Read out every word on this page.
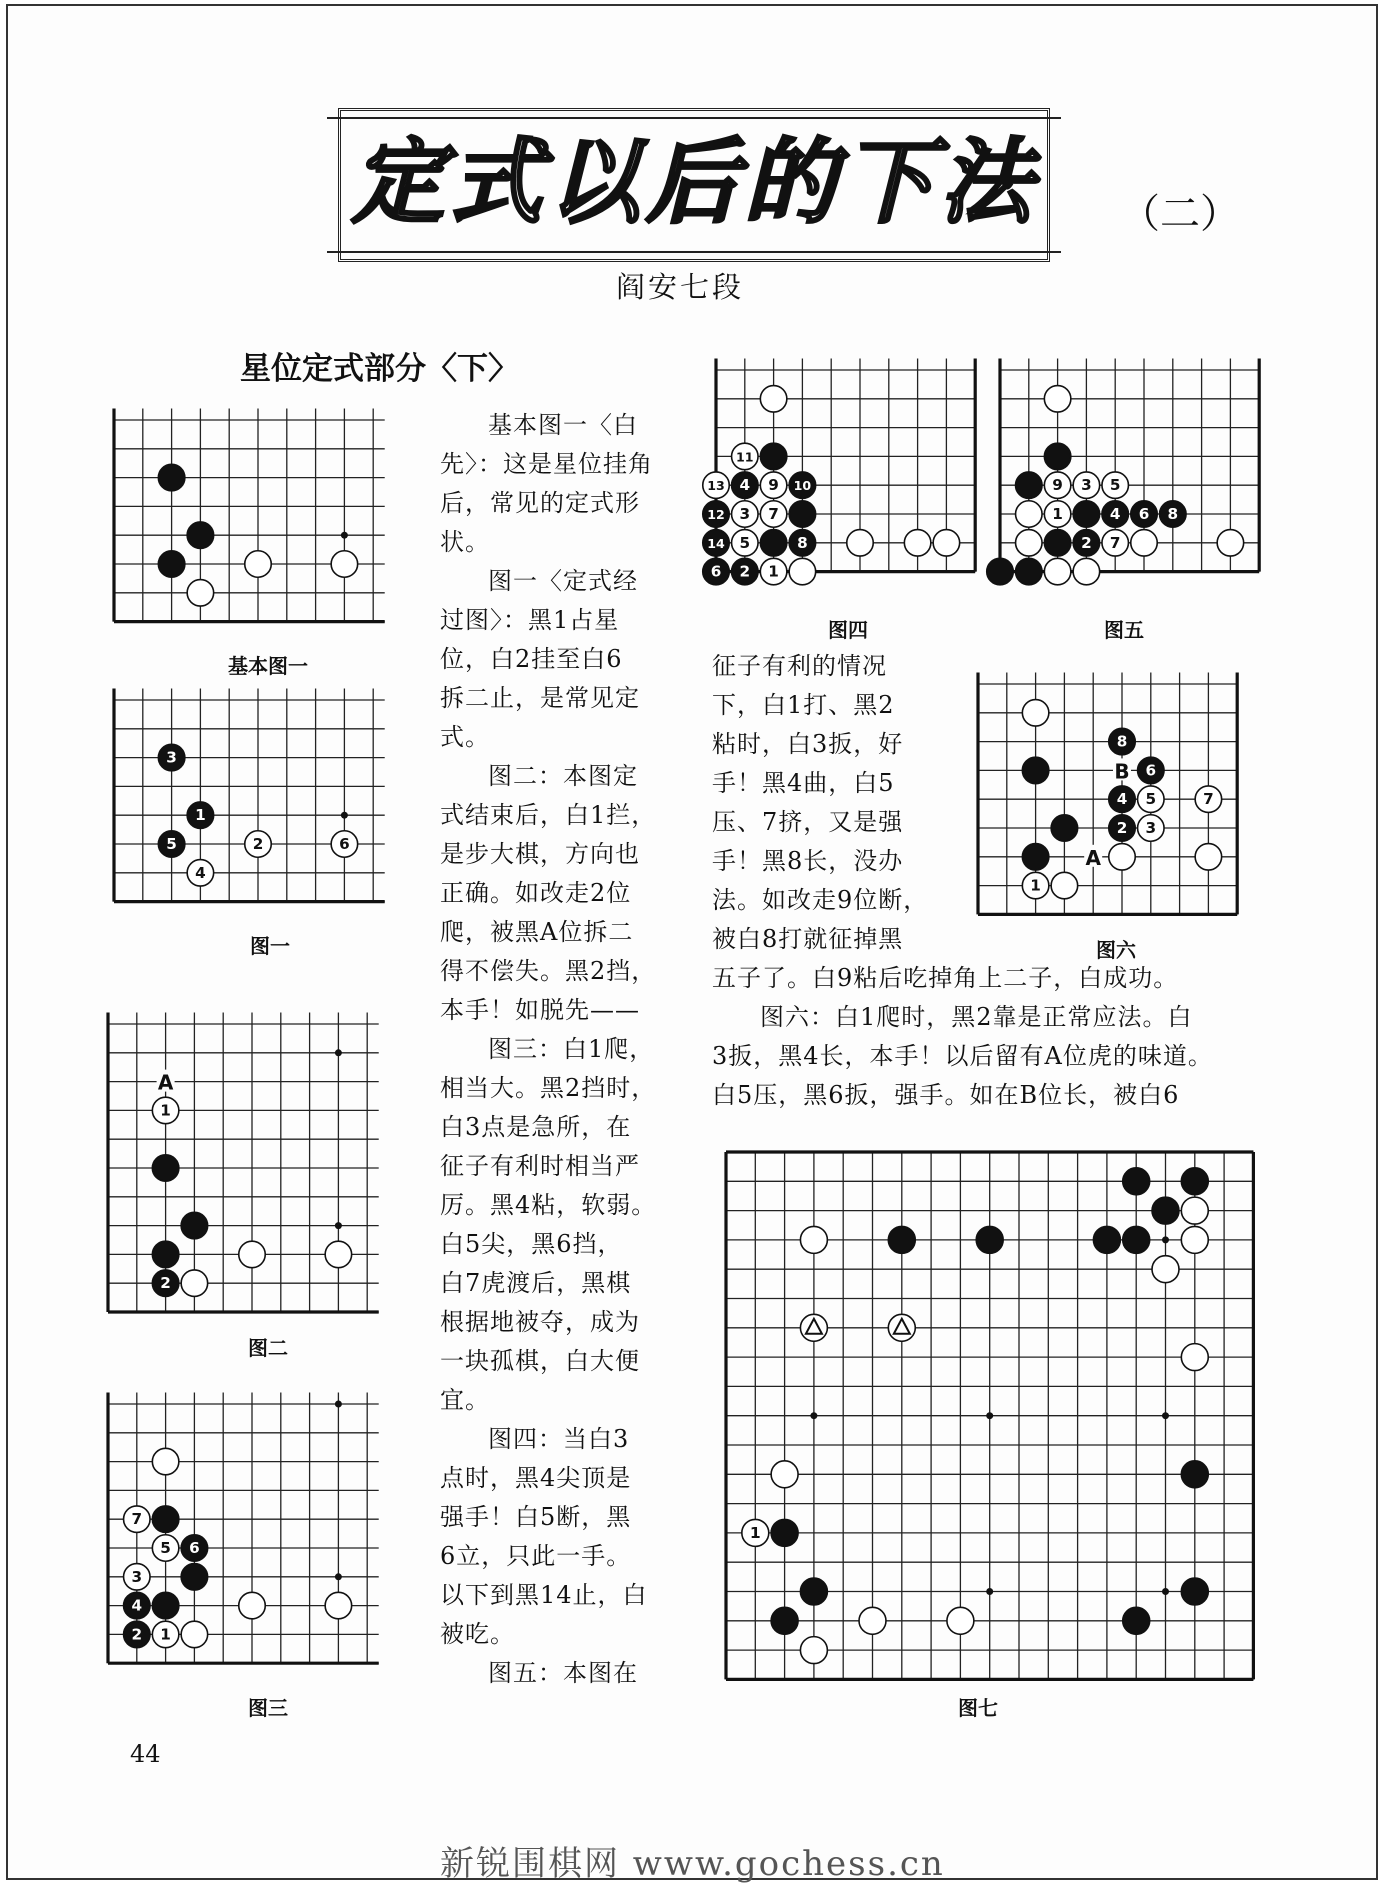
定式以后的下法 （二）
阎安七段
星位定式部分〈下〉

基本图一〈白

先〉：这是星位挂角

后，常见的定式形

状。

图一〈定式经

过图〉：黑1占星

位，白2挂至白6

拆二止，是常见定

式。

图二：本图定

式结束后，白1拦，

是步大棋，方向也

正确。如改走2位

爬，被黑A位拆二

得不偿失。黑2挡，

本手！如脱先——

图三：白1爬，

相当大。黑2挡时，

白3点是急所，在

征子有利时相当严

厉。黑4粘，软弱。

白5尖，黑6挡，

白7虎渡后，黑棋

根据地被夺，成为

一块孤棋，白大便

宜。

图四：当白3

点时，黑4尖顶是

强手！白5断，黑

6立，只此一手。

以下到黑14止，白

被吃。

图五：本图在

征子有利的情况

下，白1打、黑2

粘时，白3扳，好

手！黑4曲，白5

压、7挤，又是强

手！黑8长，没办

法。如改走9位断，

被白8打就征掉黑

五子了。白9粘后吃掉角上二子，白成功。

图六：白1爬时，黑2靠是正常应法。白

3扳，黑4长，本手！以后留有A位虎的味道。

白5压，黑6扳，强手。如在B位长，被白6

基本图一
图一
图二
图三
图四	图五
图六
图七
44
新锐围棋网 www.gochess.cn
3
1
5	2	6
4
A
1
2
7
5 6
3
4
2 1
11
13 4 9 10
12 3 7
14 5	8
6 2 1
9 3 5
1	4 6 8
2 7
8
B 6
4 5	7
2 3
A
1
1
